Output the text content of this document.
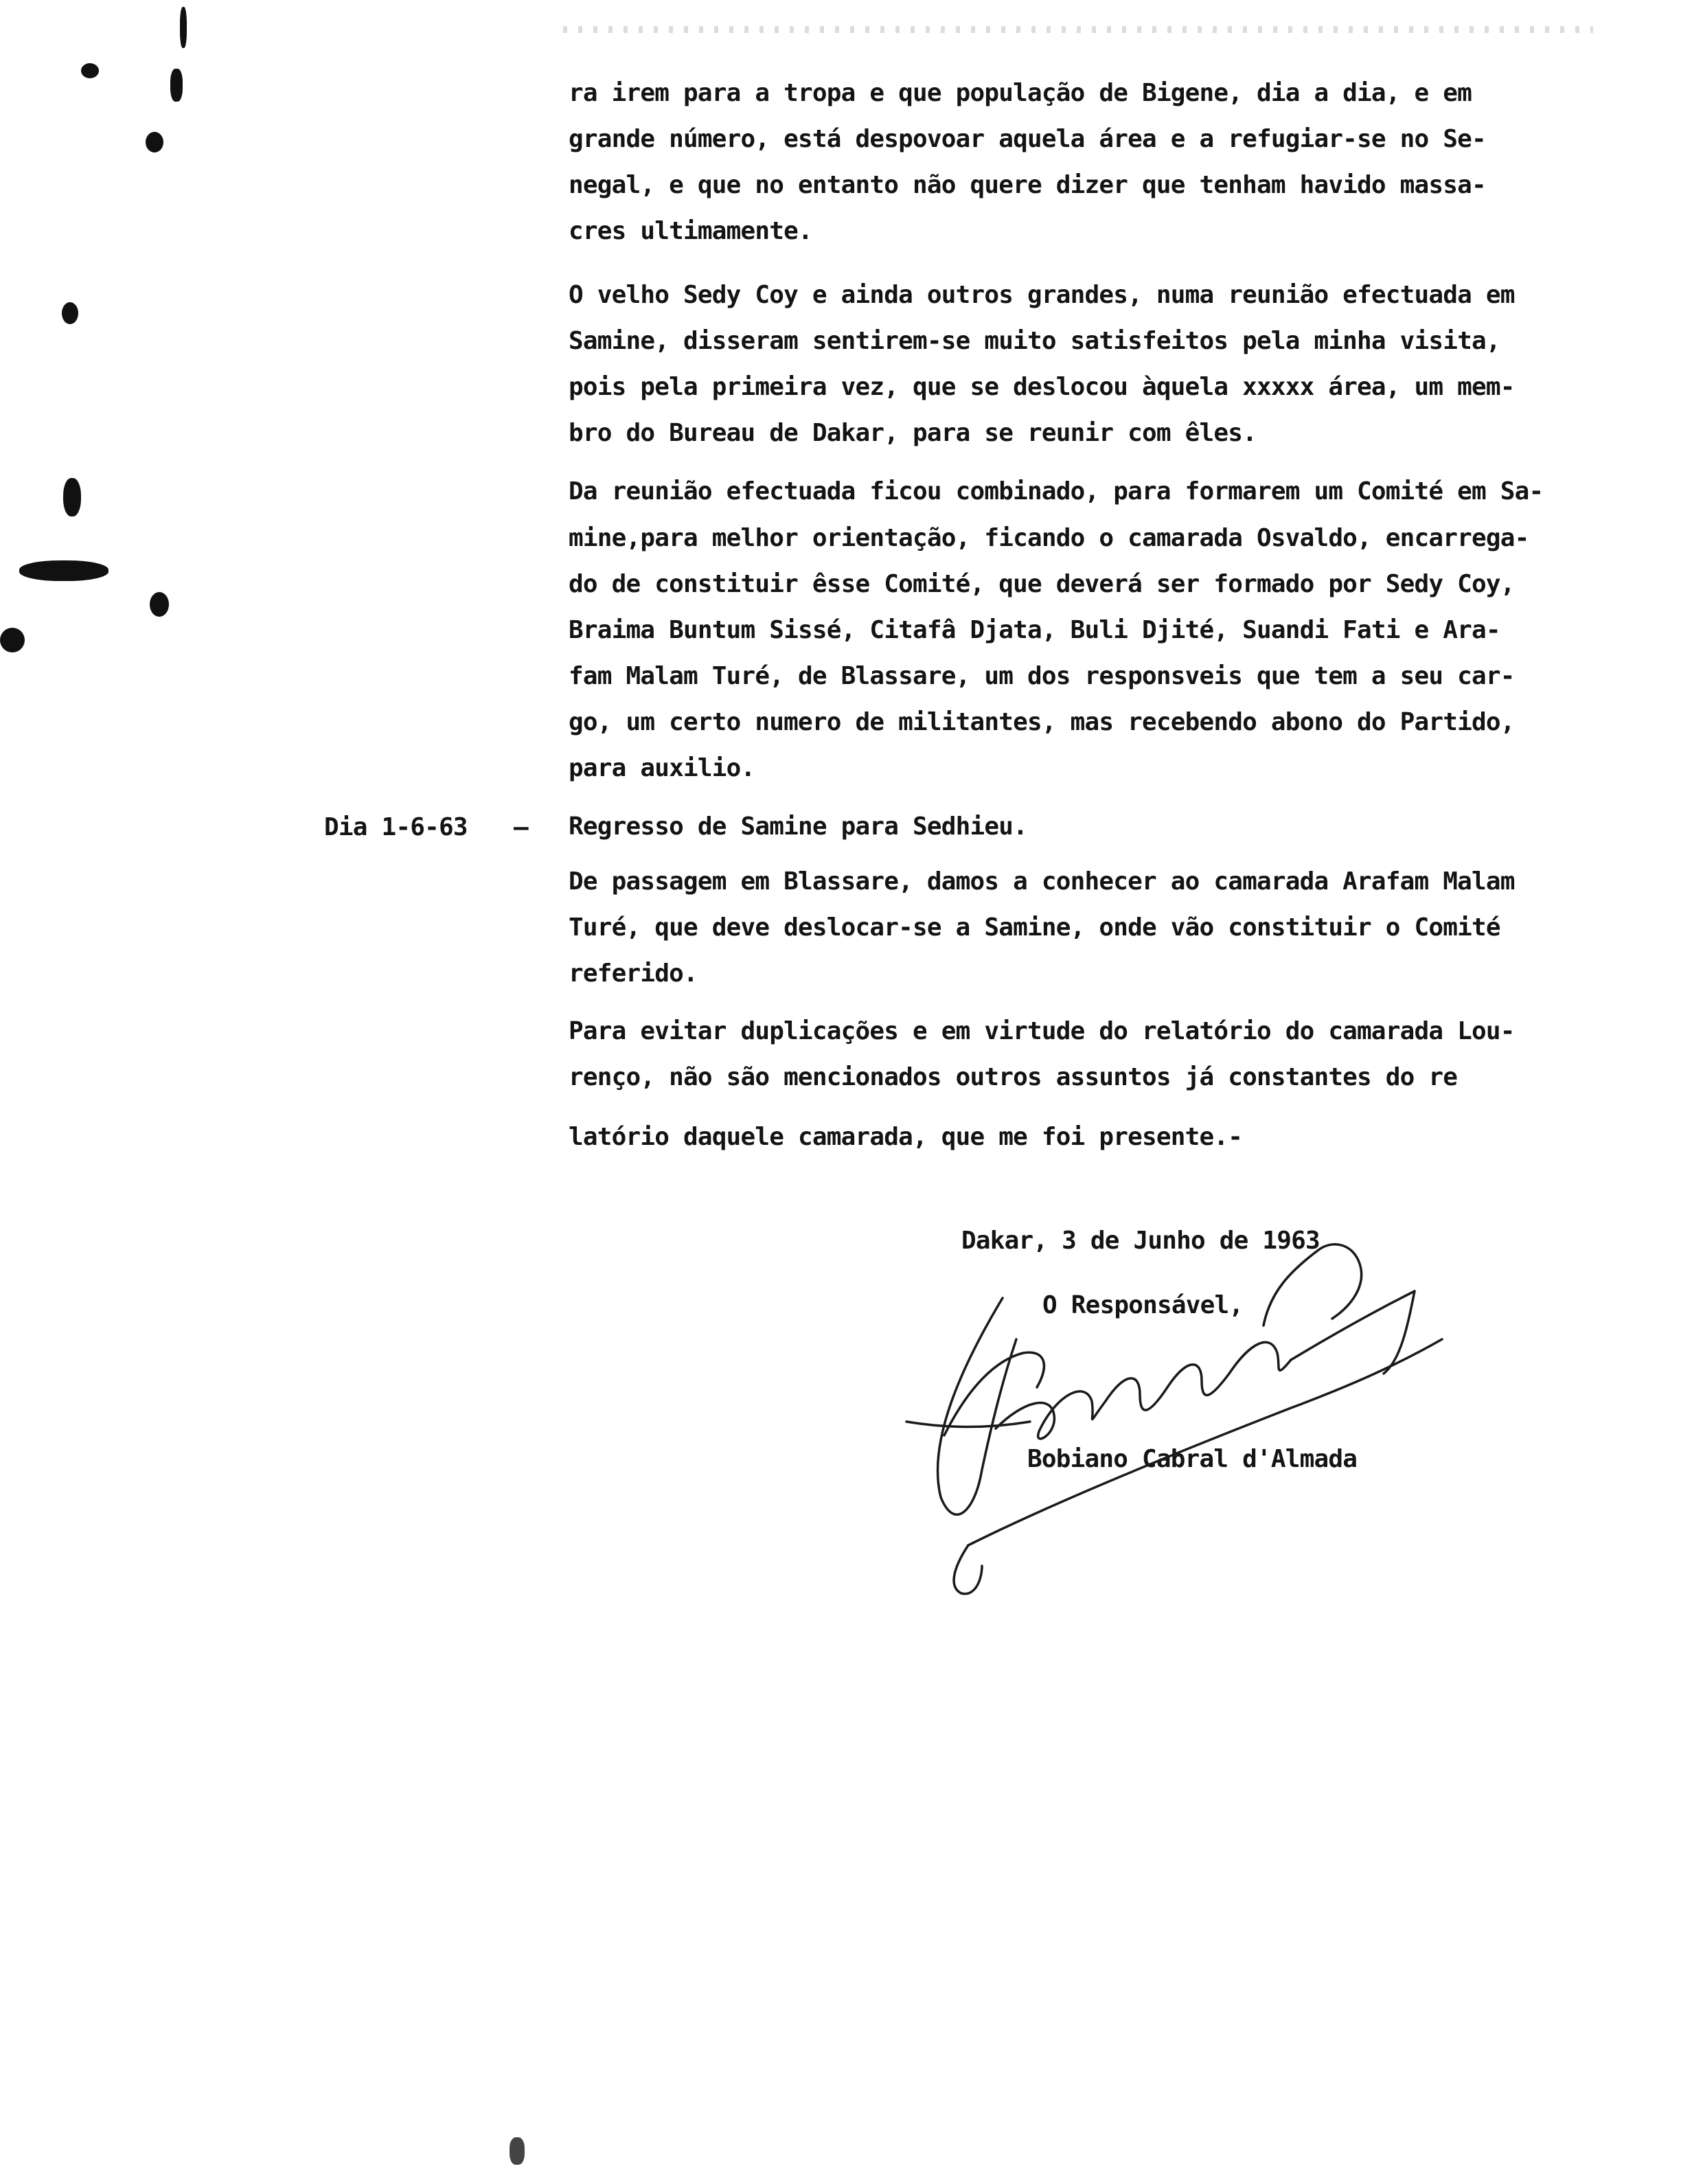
ra irem para a tropa e que população de Bigene, dia a dia, e em
grande número, está despovoar aquela área e a refugiar-se no Se-
negal, e que no entanto não quere dizer que tenham havido massa-
cres ultimamente.
O velho Sedy Coy e ainda outros grandes, numa reunião efectuada em
Samine, disseram sentirem-se muito satisfeitos pela minha visita,
pois pela primeira vez, que se deslocou àquela xxxxx área, um mem-
bro do Bureau de Dakar, para se reunir com êles.
Da reunião efectuada ficou combinado, para formarem um Comité em Sa-
mine,para melhor orientação, ficando o camarada Osvaldo, encarrega-
do de constituir êsse Comité, que deverá ser formado por Sedy Coy,
Braima Buntum Sissé, Citafâ Djata, Buli Djité, Suandi Fati e Ara-
fam Malam Turé, de Blassare, um dos responsveis que tem a seu car-
go, um certo numero de militantes, mas recebendo abono do Partido,
para auxilio.
Dia 1-6-63 – Regresso de Samine para Sedhieu.
De passagem em Blassare, damos a conhecer ao camarada Arafam Malam
Turé, que deve deslocar-se a Samine, onde vão constituir o Comité
referido.
Para evitar duplicações e em virtude do relatório do camarada Lou-
renço, não são mencionados outros assuntos já constantes do re
latório daquele camarada, que me foi presente.-
Dakar, 3 de Junho de 1963
O Responsável,
Bobiano Cabral d'Almada
